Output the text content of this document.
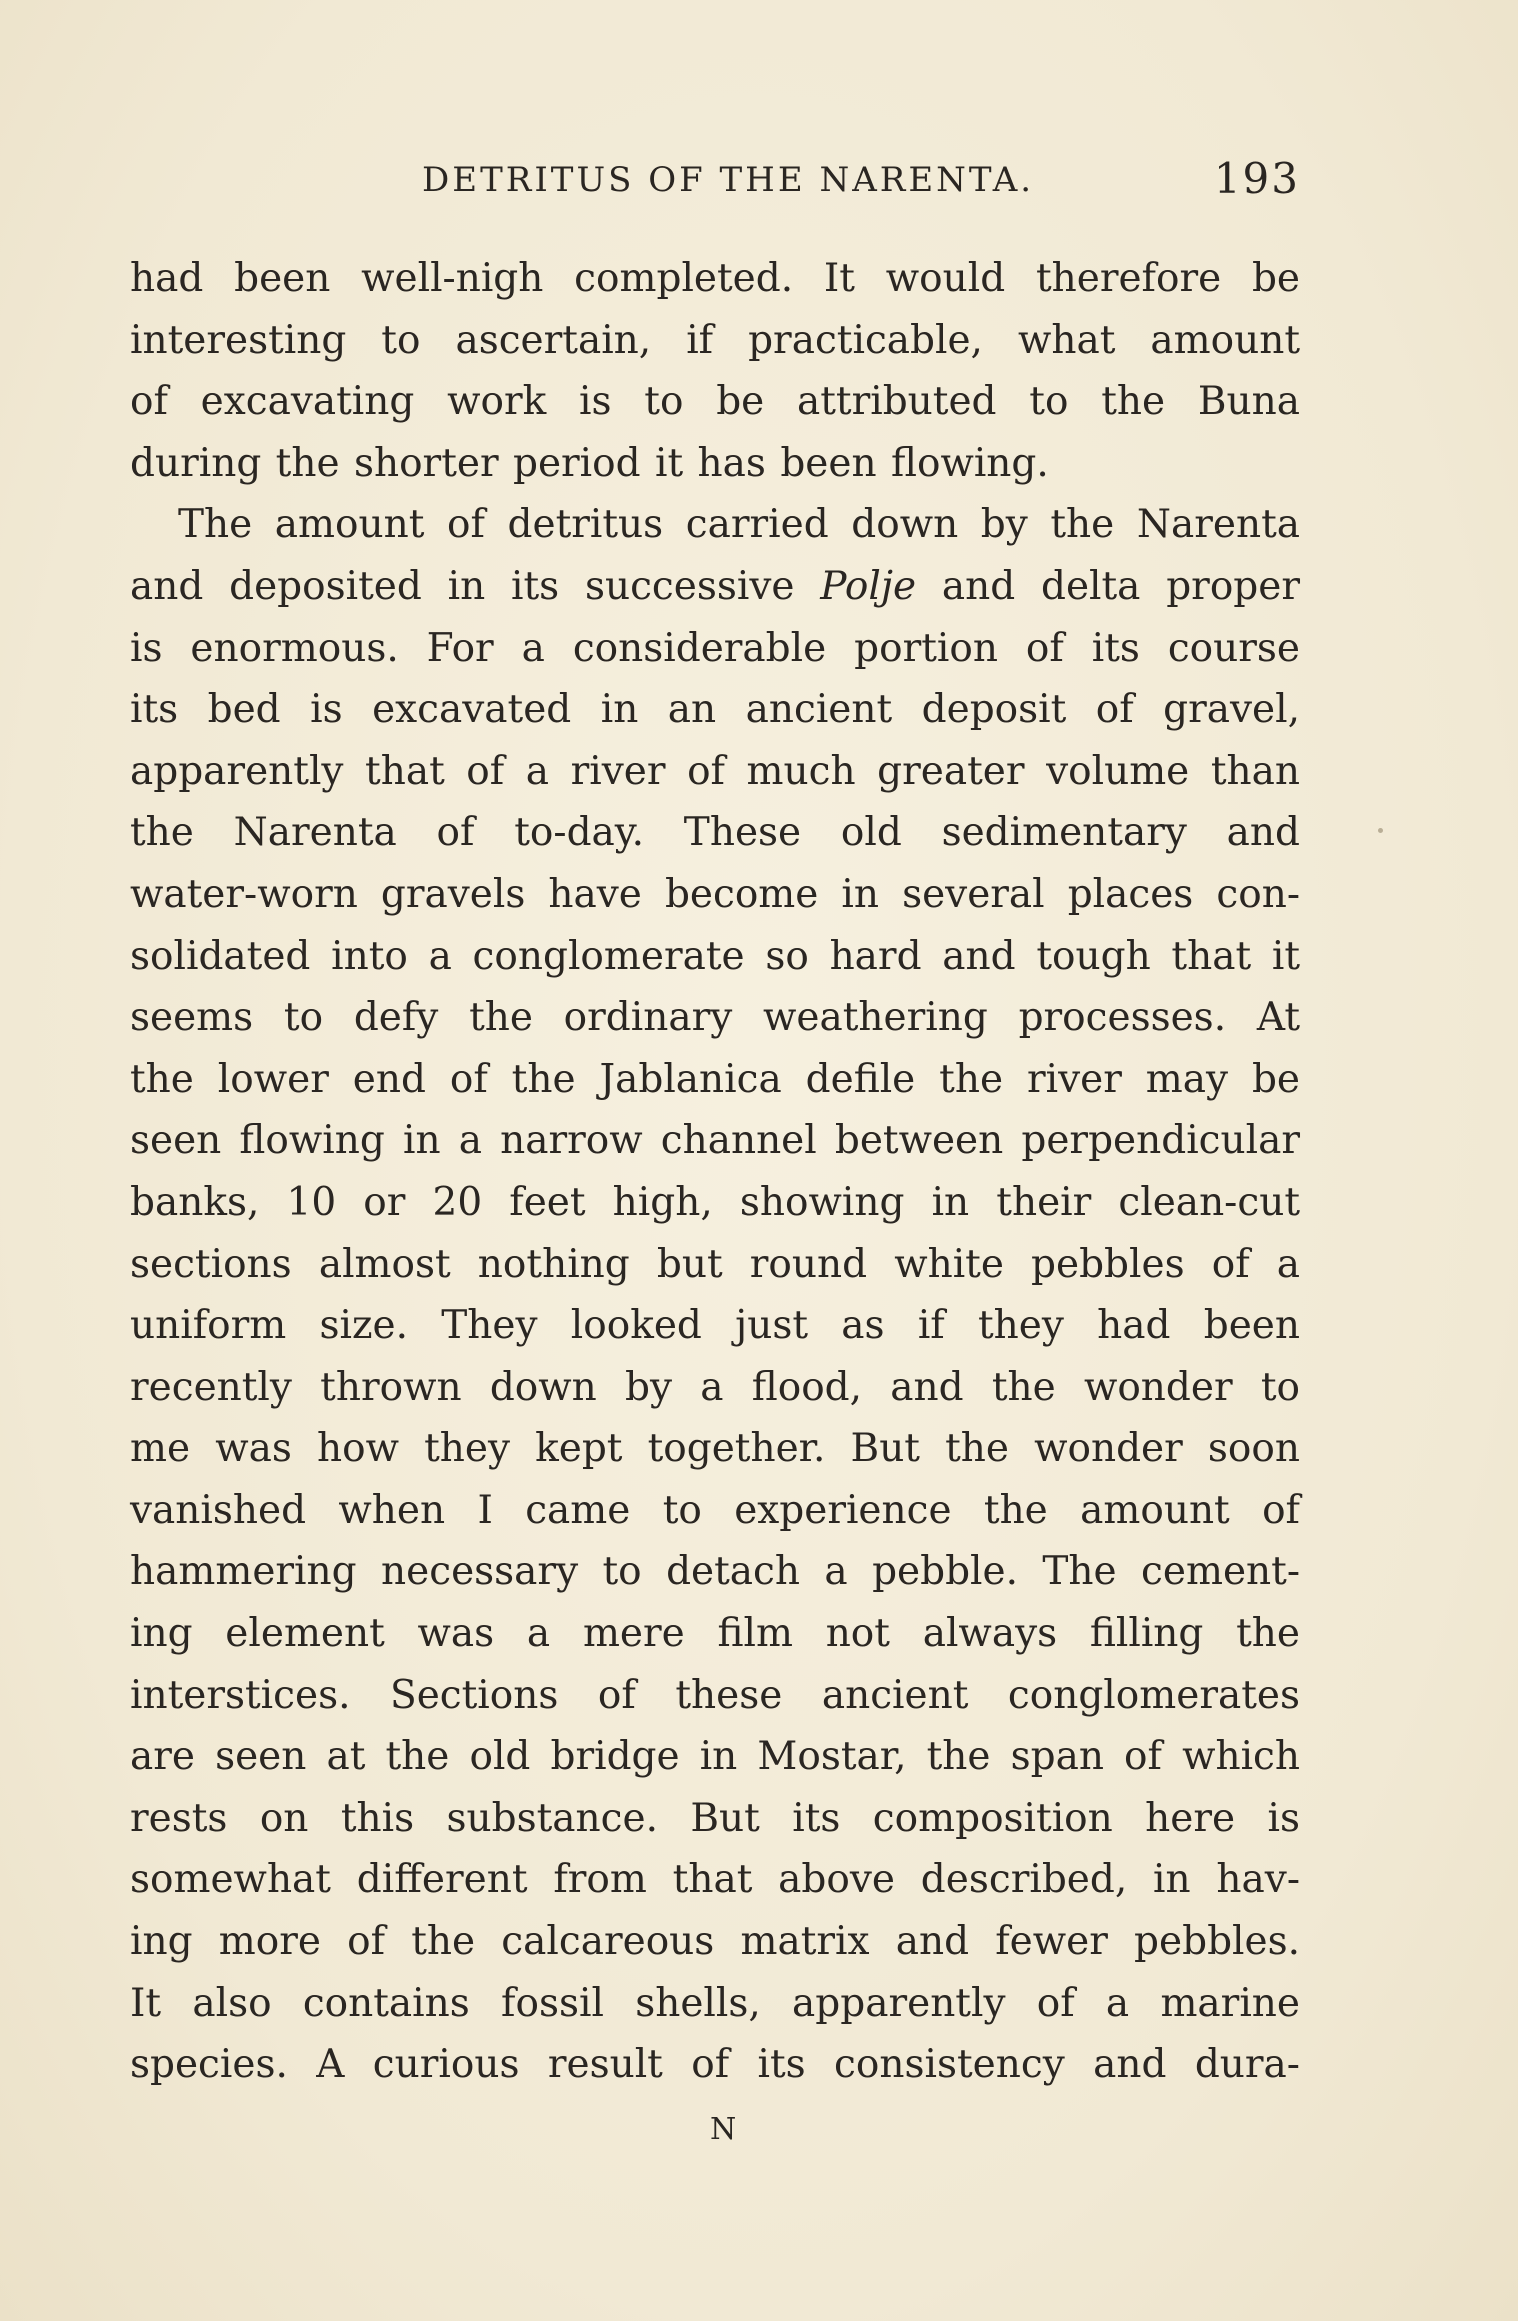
DETRITUS OF THE NARENTA.	193
had been well-nigh completed. It would therefore be
interesting to ascertain, if practicable, what amount
of excavating work is to be attributed to the Buna
during the shorter period it has been flowing.
The amount of detritus carried down by the Narenta
and deposited in its successive Polje and delta proper
is enormous. For a considerable portion of its course
its bed is excavated in an ancient deposit of gravel,
apparently that of a river of much greater volume than
the Narenta of to-day. These old sedimentary and
water-worn gravels have become in several places con-
solidated into a conglomerate so hard and tough that it
seems to defy the ordinary weathering processes. At
the lower end of the Jablanica defile the river may be
seen flowing in a narrow channel between perpendicular
banks, 10 or 20 feet high, showing in their clean-cut
sections almost nothing but round white pebbles of a
uniform size. They looked just as if they had been
recently thrown down by a flood, and the wonder to
me was how they kept together. But the wonder soon
vanished when I came to experience the amount of
hammering necessary to detach a pebble. The cement-
ing element was a mere film not always filling the
interstices. Sections of these ancient conglomerates
are seen at the old bridge in Mostar, the span of which
rests on this substance. But its composition here is
somewhat different from that above described, in hav-
ing more of the calcareous matrix and fewer pebbles.
It also contains fossil shells, apparently of a marine
species. A curious result of its consistency and dura-
N
